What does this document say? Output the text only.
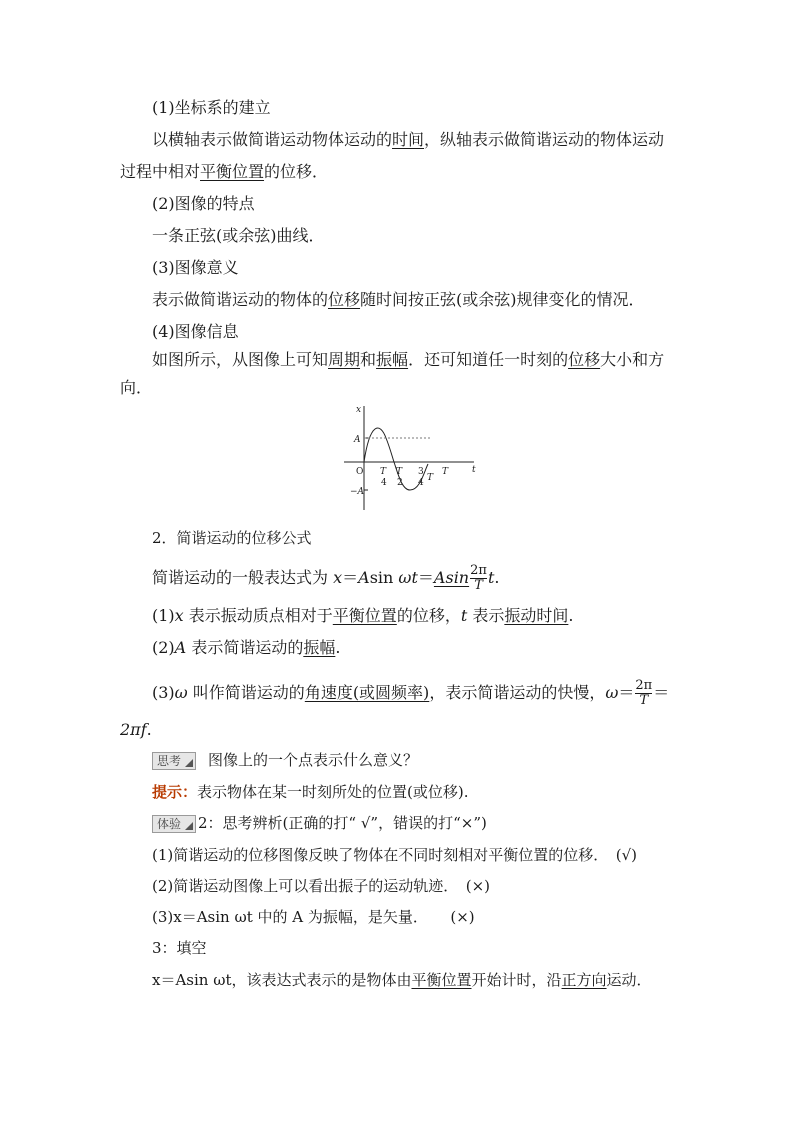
(1)坐标系的建立
以横轴表示做简谐运动物体运动的时间，纵轴表示做简谐运动的物体运动
过程中相对平衡位置的位移．
(2)图像的特点
一条正弦(或余弦)曲线．
(3)图像意义
表示做简谐运动的物体的位移随时间按正弦(或余弦)规律变化的情况．
(4)图像信息
如图所示，从图像上可知周期和振幅．还可知道任一时刻的位移大小和方
向．
x
t
A
−A
O T
4
T
2
3
4 T
T
2．简谐运动的位移公式
简谐运动的一般表达式为 x＝Asin $\omega t=Asin \frac{2\pi}{T} t$.
(1)x 表示振动质点相对于平衡位置的位移，t 表示振动时间.
(2)A 表示简谐运动的振幅.
(3)ω 叫作简谐运动的角速度(或圆频率)，表示简谐运动的快慢，$\omega= \frac{2\pi}{T}$ ＝
2πf.
思考 图像上的一个点表示什么意义？
提示：表示物体在某一时刻所处的位置(或位移).
体验 2：思考辨析(正确的打“ √”，错误的打“×”)
(1)简谐运动的位移图像反映了物体在不同时刻相对平衡位置的位移．　(√)
(2)简谐运动图像上可以看出振子的运动轨迹．　(×)
(3)x＝Asin ωt 中的 A 为振幅，是矢量．　　(×)
3：填空
x＝Asin ωt，该表达式表示的是物体由平衡位置开始计时，沿正方向运动．
